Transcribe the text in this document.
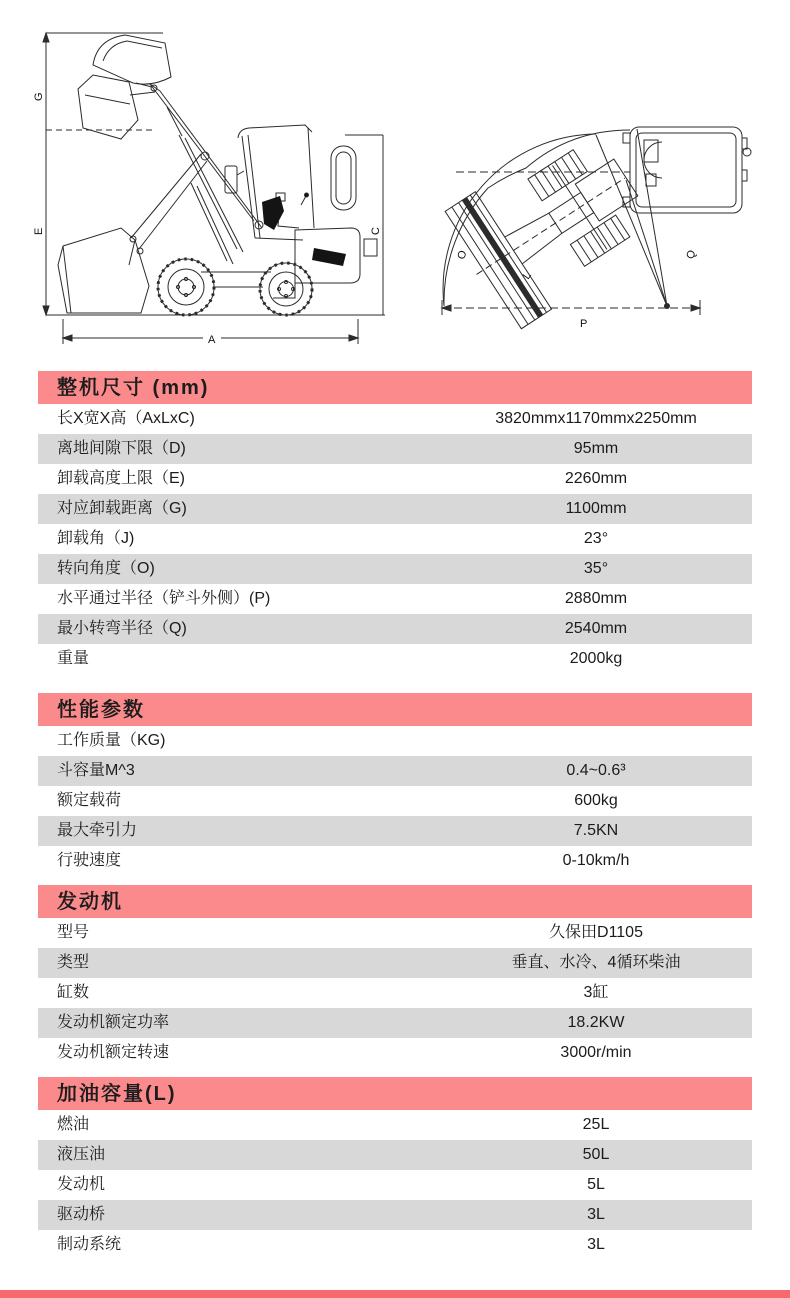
G
E
A
C
O
L
P
Q
整机尺寸 (mm)
长X宽X高（AxLxC)	3820mmx1170mmx2250mm
离地间隙下限（D)	95mm
卸载高度上限（E)	2260mm
对应卸载距离（G)	1100mm
卸载角（J)	23°
转向角度（O)	35°
水平通过半径（铲斗外侧）(P)	2880mm
最小转弯半径（Q)	2540mm
重量	2000kg
性能参数
工作质量（KG)
斗容量M^3	0.4~0.6³
额定载荷	600kg
最大牵引力	7.5KN
行驶速度	0-10km/h
发动机
型号	久保田D1105
类型	垂直、水冷、4循环柴油
缸数	3缸
发动机额定功率	18.2KW
发动机额定转速	3000r/min
加油容量(L)
燃油	25L
液压油	50L
发动机	5L
驱动桥	3L
制动系统	3L
